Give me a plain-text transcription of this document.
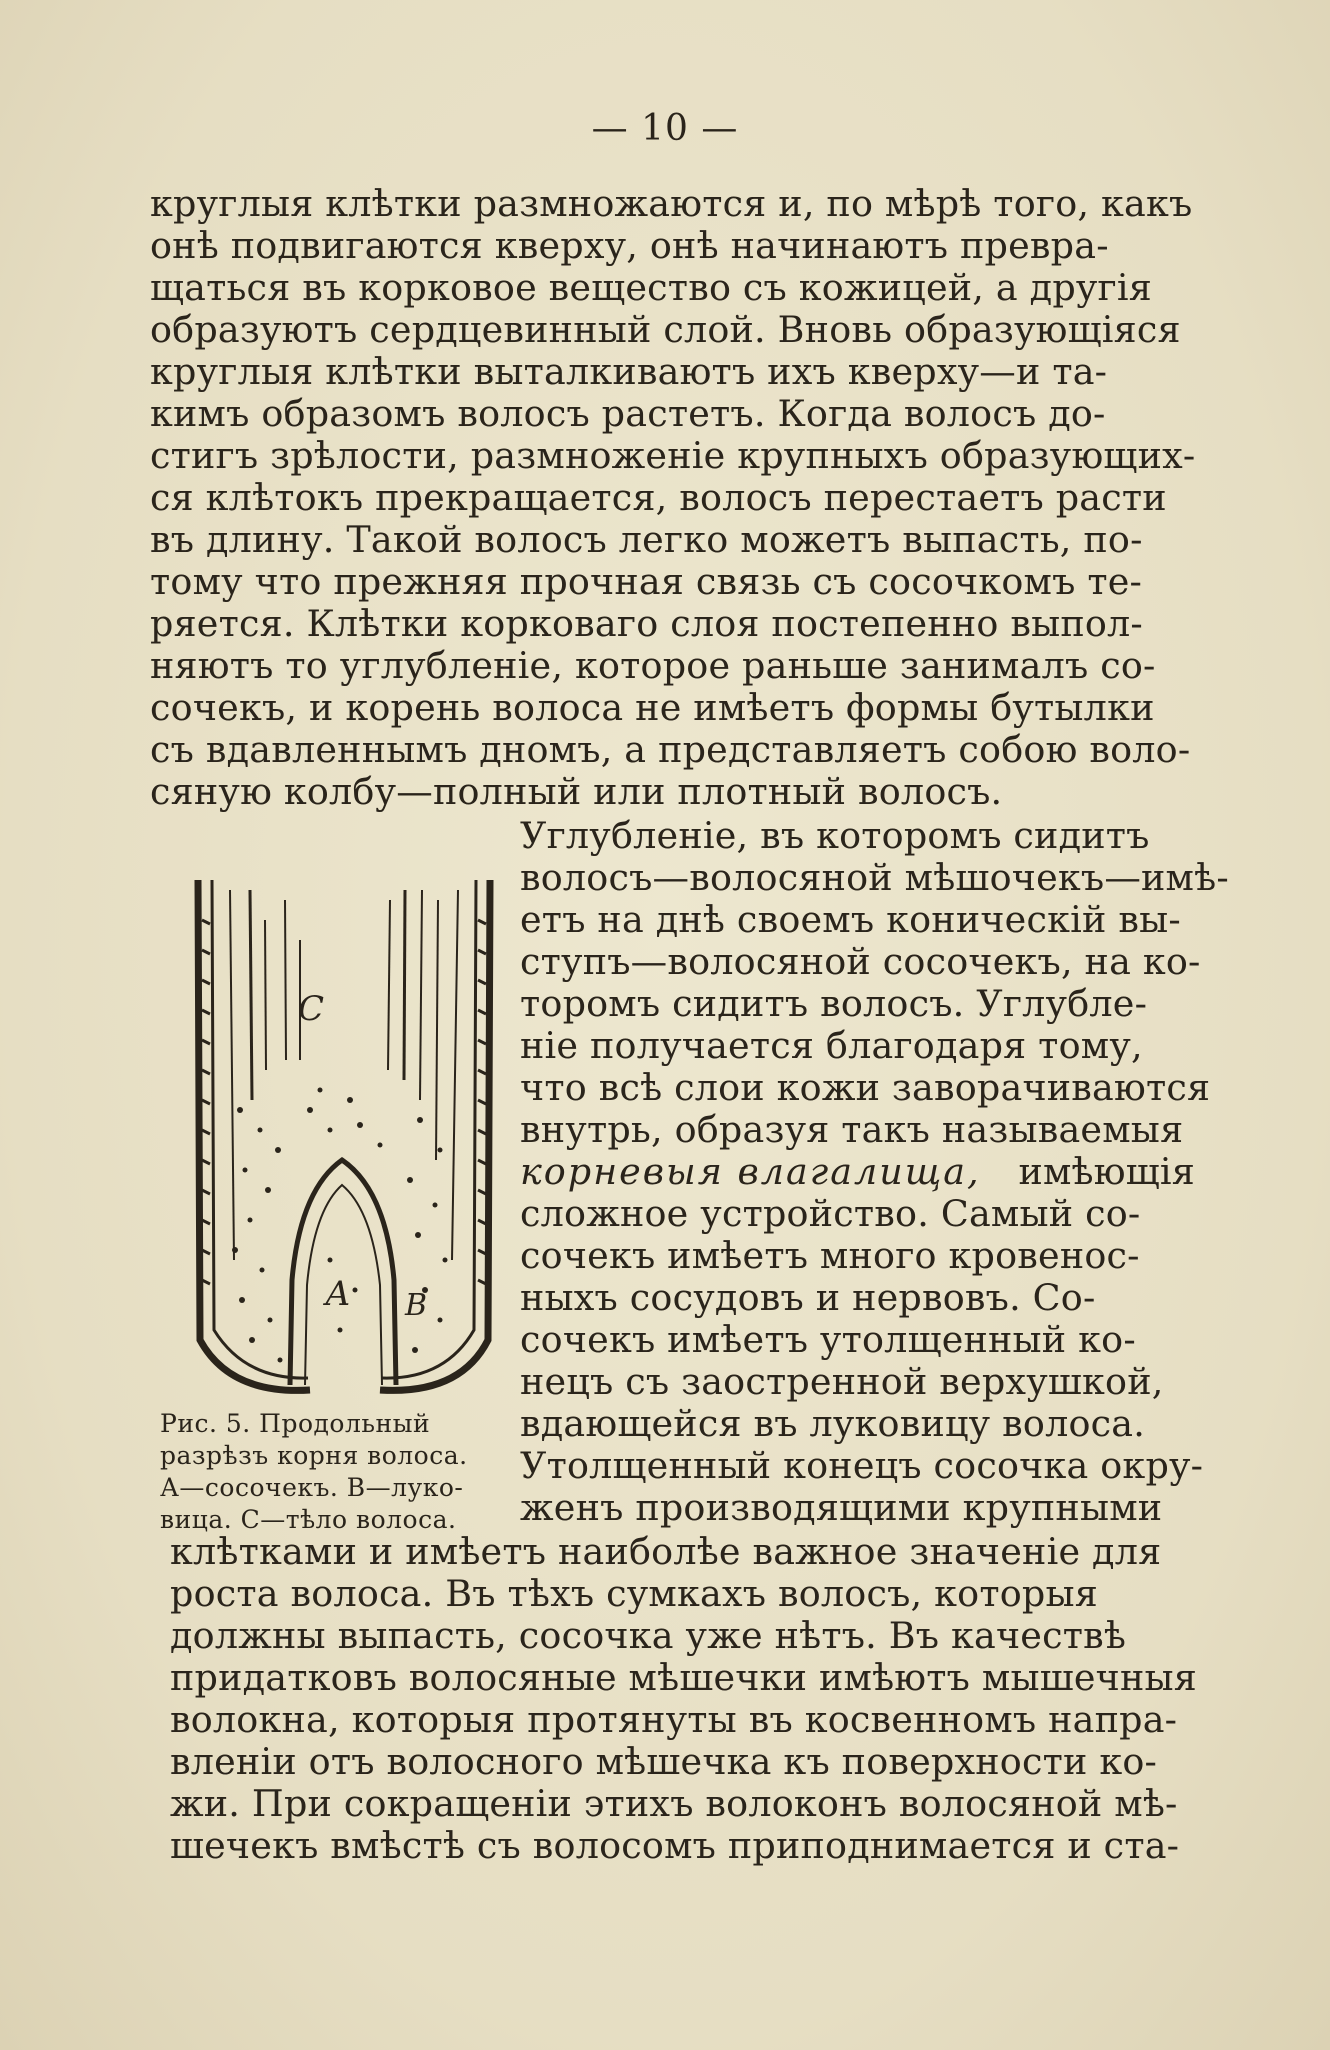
— 10 —
круглыя клѣтки размножаются и, по мѣрѣ того, какъ
онѣ подвигаются кверху, онѣ начинаютъ превра-
щаться въ корковое вещество съ кожицей, а другія
образуютъ сердцевинный слой. Вновь образующіяся
круглыя клѣтки выталкиваютъ ихъ кверху—и та-
кимъ образомъ волосъ растетъ. Когда волосъ до-
стигъ зрѣлости, размноженіе крупныхъ образующих-
ся клѣтокъ прекращается, волосъ перестаетъ расти
въ длину. Такой волосъ легко можетъ выпасть, по-
тому что прежняя прочная связь съ сосочкомъ те-
ряется. Клѣтки корковаго слоя постепенно выпол-
няютъ то углубленіе, которое раньше занималъ со-
сочекъ, и корень волоса не имѣетъ формы бутылки
съ вдавленнымъ дномъ, а представляетъ собою воло-
сяную колбу—полный или плотный волосъ.
Углубленіе, въ которомъ сидитъ
волосъ—волосяной мѣшочекъ—имѣ-
етъ на днѣ своемъ коническій вы-
ступъ—волосяной сосочекъ, на ко-
торомъ сидитъ волосъ. Углубле-
ніе получается благодаря тому,
что всѣ слои кожи заворачиваются
внутрь, образуя такъ называемыя
корневыя влагалища, имѣющія
сложное устройство. Самый со-
сочекъ имѣетъ много кровенос-
ныхъ сосудовъ и нервовъ. Со-
сочекъ имѣетъ утолщенный ко-
нецъ съ заостренной верхушкой,
вдающейся въ луковицу волоса.
Утолщенный конецъ сосочка окру-
женъ производящими крупными
клѣтками и имѣетъ наиболѣе важное значеніе для
роста волоса. Въ тѣхъ сумкахъ волосъ, которыя
должны выпасть, сосочка уже нѣтъ. Въ качествѣ
придатковъ волосяные мѣшечки имѣютъ мышечныя
волокна, которыя протянуты въ косвенномъ напра-
вленіи отъ волосного мѣшечка къ поверхности ко-
жи. При сокращеніи этихъ волоконъ волосяной мѣ-
шечекъ вмѣстѣ съ волосомъ приподнимается и ста-
С
А В
Рис. 5. Продольный
разрѣзъ корня волоса.
А—сосочекъ. В—луко-
вица. С—тѣло волоса.
